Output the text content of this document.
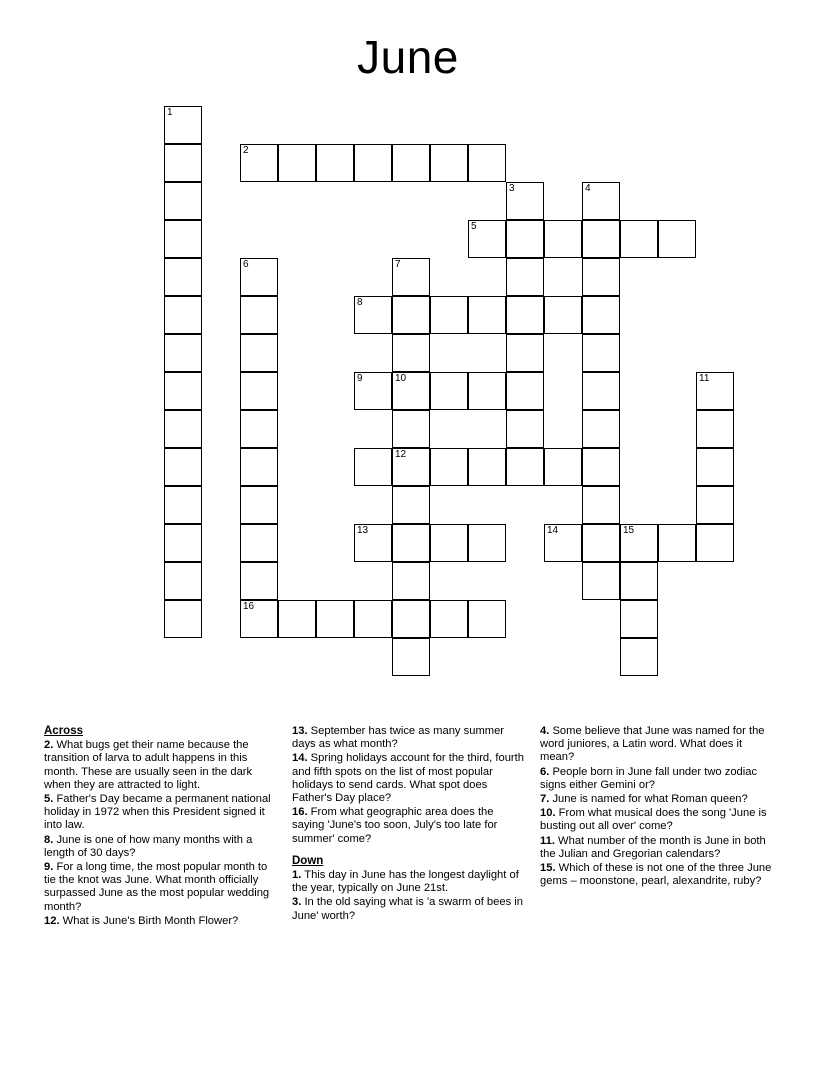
June
1
2
3	4
5
6	7
8
9	10	11
12
13	14	15
16
Across
2. What bugs get their name because the transition of larva to adult happens in this month. These are usually seen in the dark when they are attracted to light.
5. Father's Day became a permanent national holiday in 1972 when this President signed it into law.
8. June is one of how many months with a length of 30 days?
9. For a long time, the most popular month to tie the knot was June. What month officially surpassed June as the most popular wedding month?
12. What is June's Birth Month Flower?
13. September has twice as many summer days as what month?
14. Spring holidays account for the third, fourth and fifth spots on the list of most popular holidays to send cards. What spot does Father's Day place?
16. From what geographic area does the saying 'June's too soon, July's too late for summer' come?
Down
1. This day in June has the longest daylight of the year, typically on June 21st.
3. In the old saying what is 'a swarm of bees in June' worth?
4. Some believe that June was named for the word juniores, a Latin word. What does it mean?
6. People born in June fall under two zodiac signs either Gemini or?
7. June is named for what Roman queen?
10. From what musical does the song 'June is busting out all over' come?
11. What number of the month is June in both the Julian and Gregorian calendars?
15. Which of these is not one of the three June gems – moonstone, pearl, alexandrite, ruby?
